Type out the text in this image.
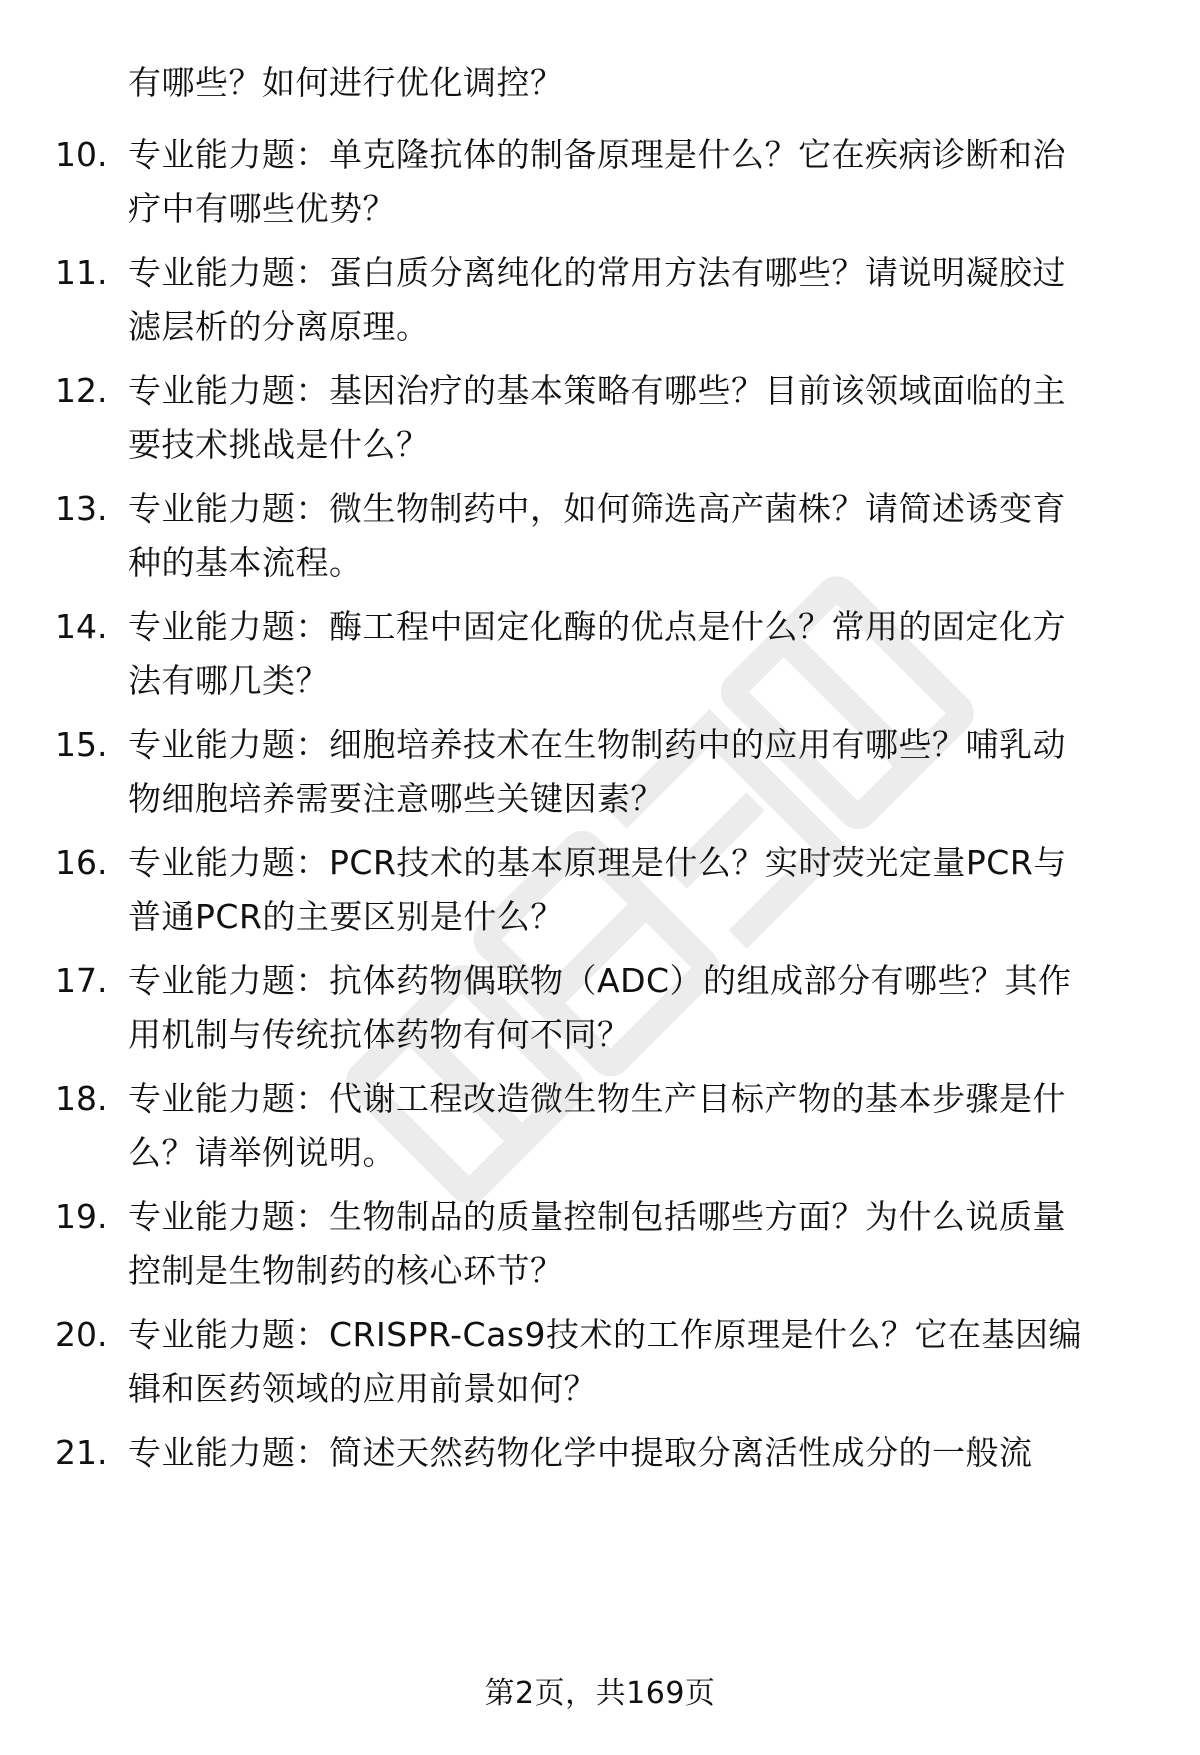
有哪些？如何进行优化调控？
10. 专业能力题：单克隆抗体的制备原理是什么？它在疾病诊断和治
疗中有哪些优势？
11. 专业能力题：蛋白质分离纯化的常用方法有哪些？请说明凝胶过
滤层析的分离原理。
12. 专业能力题：基因治疗的基本策略有哪些？目前该领域面临的主
要技术挑战是什么？
13. 专业能力题：微生物制药中，如何筛选高产菌株？请简述诱变育
种的基本流程。
14. 专业能力题：酶工程中固定化酶的优点是什么？常用的固定化方
法有哪几类？
15. 专业能力题：细胞培养技术在生物制药中的应用有哪些？哺乳动
物细胞培养需要注意哪些关键因素？
16. 专业能力题：PCR技术的基本原理是什么？实时荧光定量PCR与
普通PCR的主要区别是什么？
17. 专业能力题：抗体药物偶联物（ADC）的组成部分有哪些？其作
用机制与传统抗体药物有何不同？
18. 专业能力题：代谢工程改造微生物生产目标产物的基本步骤是什
么？请举例说明。
19. 专业能力题：生物制品的质量控制包括哪些方面？为什么说质量
控制是生物制药的核心环节？
20. 专业能力题：CRISPR-Cas9技术的工作原理是什么？它在基因编
辑和医药领域的应用前景如何？
21. 专业能力题：简述天然药物化学中提取分离活性成分的一般流
第2页，共169页
